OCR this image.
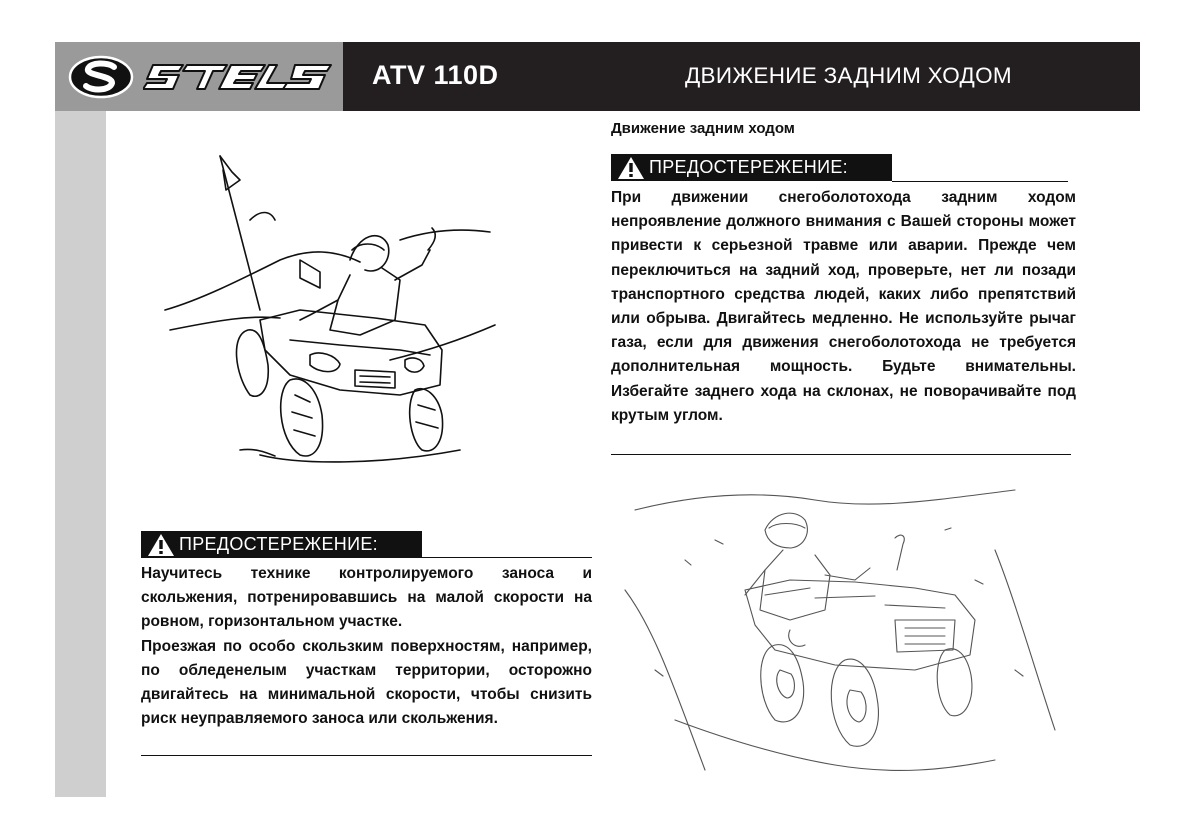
ATV 110D	ДВИЖЕНИЕ ЗАДНИМ ХОДОМ
Движение задним ходом
ПРЕДОСТЕРЕЖЕНИЕ:

При движении снегоболотохода задним ходом непроявление должного внимания с Вашей стороны может привести к серьезной травме или аварии. Прежде чем переключиться на задний ход, проверьте, нет ли позади транспортного средства людей, каких либо препятствий или обрыва. Двигайтесь медленно. Не используйте рычаг газа, если для движения снегоболотохода не требуется дополнительная мощность. Будьте внимательны. Избегайте заднего хода на склонах, не поворачивайте под крутым углом.

ПРЕДОСТЕРЕЖЕНИЕ:

Научитесь технике контролируемого заноса и скольжения, потренировавшись на малой скорости на ровном, горизонтальном участке.

Проезжая по особо скользким поверхностям, например, по обледенелым участкам территории, осторожно двигайтесь на минимальной скорости, чтобы снизить риск неуправляемого заноса или скольжения.
